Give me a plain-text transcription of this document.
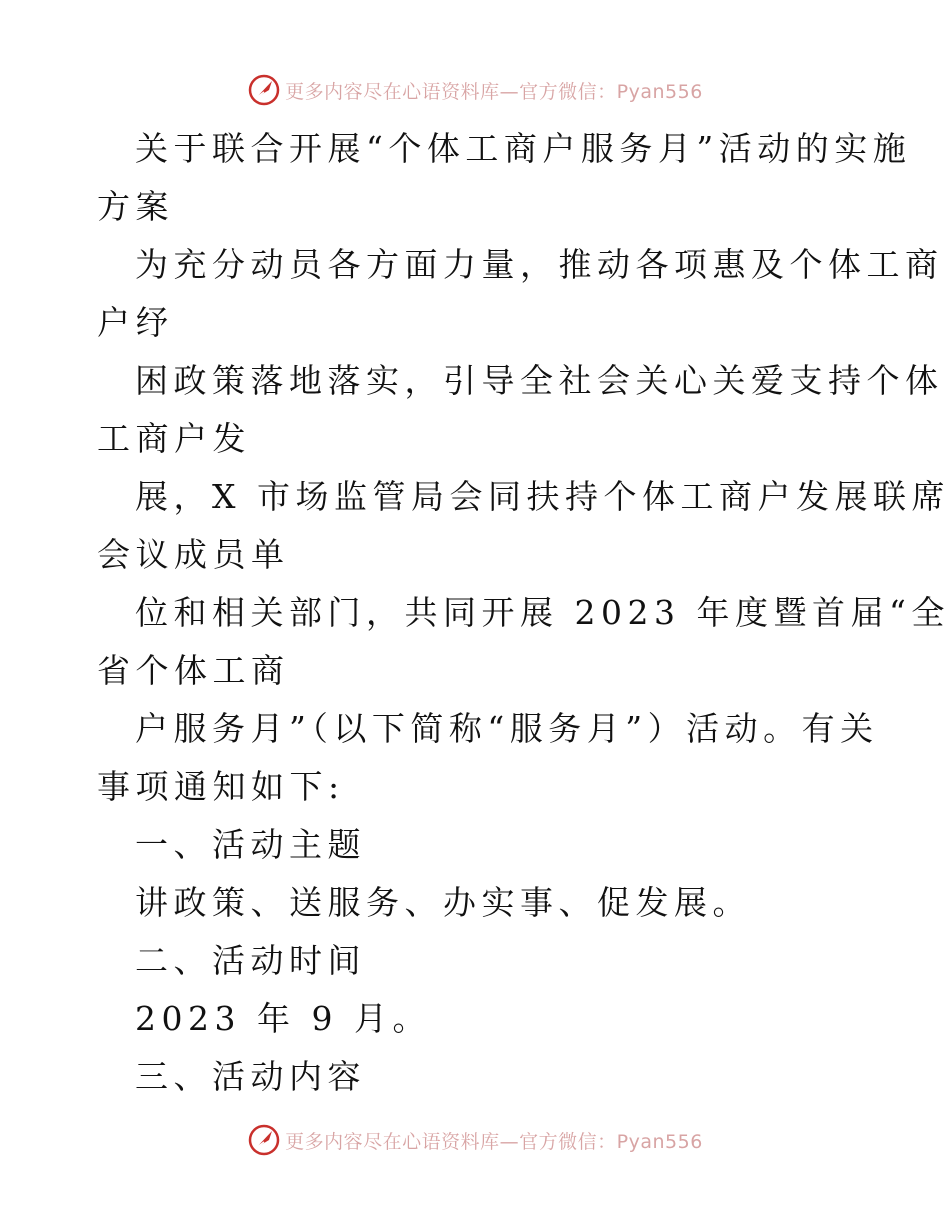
更多内容尽在心语资料库—官方微信：Pyan556
关于联合开展“个体工商户服务月”活动的实施
方案
为充分动员各方面力量，推动各项惠及个体工商
户纾
困政策落地落实，引导全社会关心关爱支持个体
工商户发
展，X 市场监管局会同扶持个体工商户发展联席
会议成员单
位和相关部门，共同开展 2023 年度暨首届“全
省个体工商
户服务月”（以下简称“服务月”）活动。有关
事项通知如下:
一、活动主题
讲政策、送服务、办实事、促发展。
二、活动时间
2023 年 9 月。
三、活动内容
更多内容尽在心语资料库—官方微信：Pyan556
